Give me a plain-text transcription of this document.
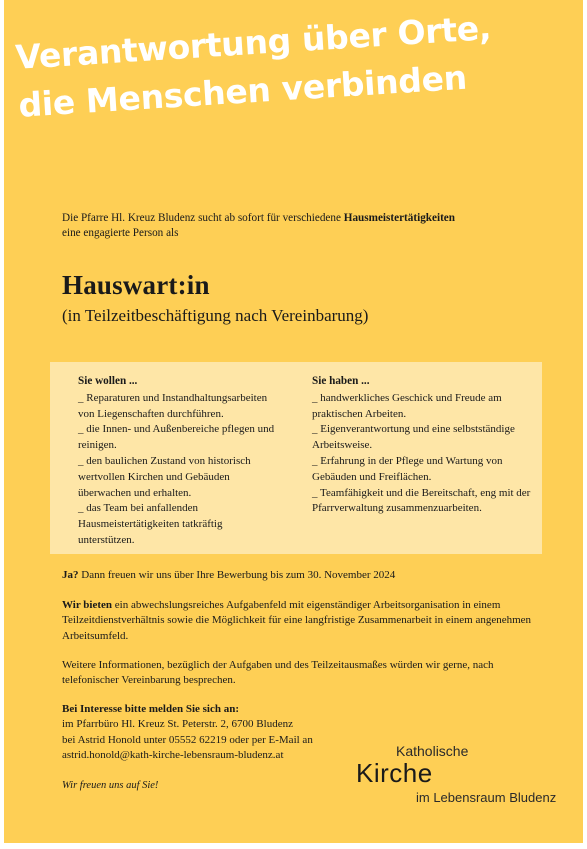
Verantwortung über Orte,
die Menschen verbinden
Die Pfarre Hl. Kreuz Bludenz sucht ab sofort für verschiedene Hausmeistertätigkeiten
eine engagierte Person als
Hauswart:in
(in Teilzeitbeschäftigung nach Vereinbarung)
Sie wollen ...

_ Reparaturen und Instandhaltungsarbeiten von Liegenschaften durchführen.

_ die Innen- und Außenbereiche pflegen und reinigen.

_ den baulichen Zustand von historisch wertvollen Kirchen und Gebäuden überwachen und erhalten.

_ das Team bei anfallenden Hausmeistertätigkeiten tatkräftig unterstützen.

Sie haben ...

_ handwerkliches Geschick und Freude am praktischen Arbeiten.

_ Eigenverantwortung und eine selbstständige Arbeitsweise.

_ Erfahrung in der Pflege und Wartung von Gebäuden und Freiflächen.

_ Teamfähigkeit und die Bereitschaft, eng mit der Pfarrverwaltung zusammenzuarbeiten.

Ja? Dann freuen wir uns über Ihre Bewerbung bis zum 30. November 2024
Wir bieten ein abwechslungsreiches Aufgabenfeld mit eigenständiger Arbeitsorganisation in einem Teilzeitdienstverhältnis sowie die Möglichkeit für eine langfristige Zusammenarbeit in einem angenehmen Arbeitsumfeld.
Weitere Informationen, bezüglich der Aufgaben und des Teilzeitausmaßes würden wir gerne, nach telefonischer Vereinbarung besprechen.
Bei Interesse bitte melden Sie sich an:
im Pfarrbüro Hl. Kreuz St. Peterstr. 2, 6700 Bludenz
bei Astrid Honold unter 05552 62219 oder per E-Mail an
astrid.honold@kath-kirche-lebensraum-bludenz.at
Wir freuen uns auf Sie!
Katholische
Kirche
im Lebensraum Bludenz
